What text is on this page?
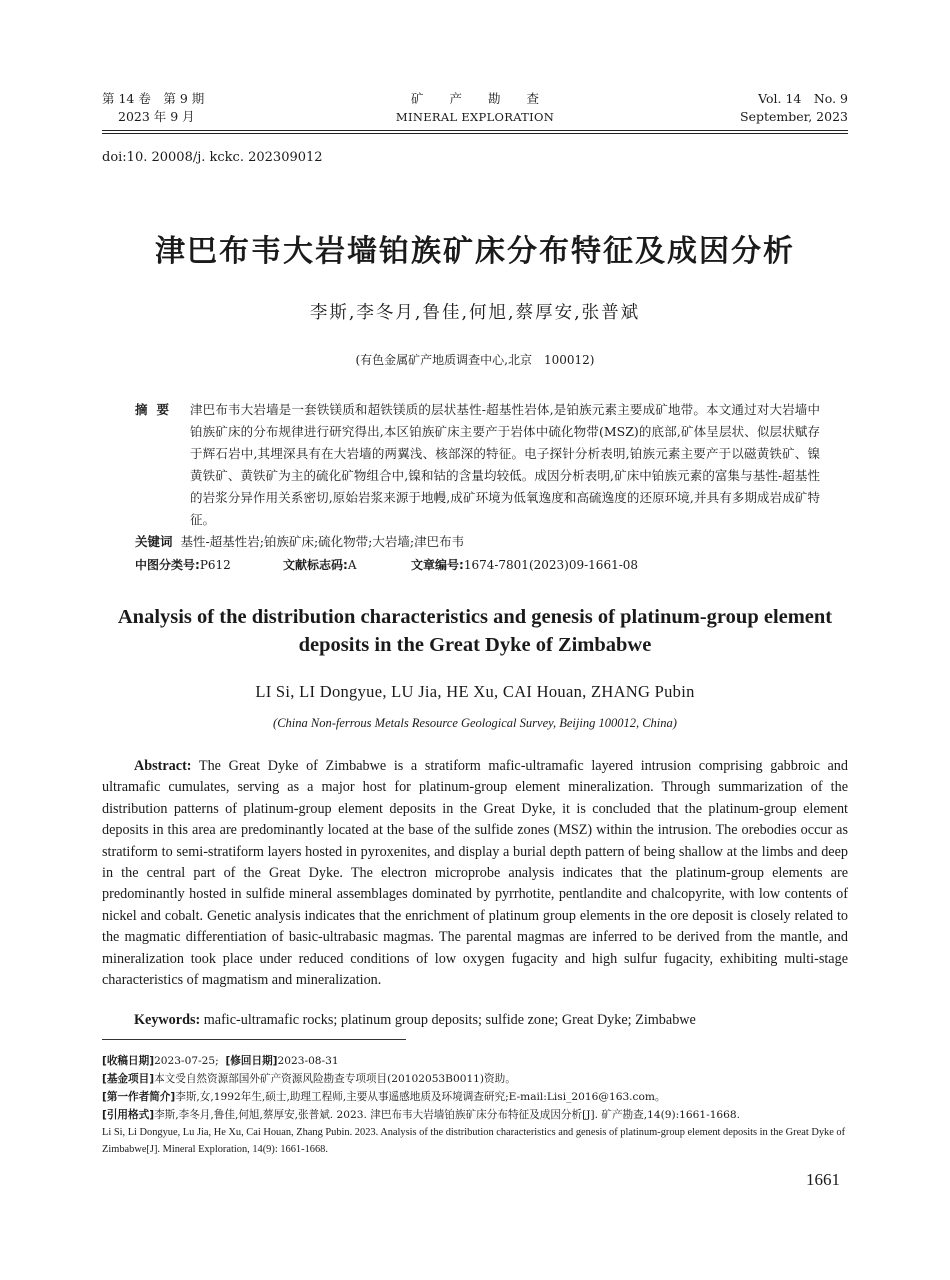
第 14 卷　第 9 期
2023 年 9 月
矿产勘查
MINERAL EXPLORATION
Vol. 14　No. 9
September, 2023
doi:10. 20008/j. kckc. 202309012
津巴布韦大岩墙铂族矿床分布特征及成因分析
李斯,李冬月,鲁佳,何旭,蔡厚安,张普斌
(有色金属矿产地质调查中心,北京　100012)
摘要 津巴布韦大岩墙是一套铁镁质和超铁镁质的层状基性-超基性岩体,是铂族元素主要成矿地带。本文通过对大岩墙中铂族矿床的分布规律进行研究得出,本区铂族矿床主要产于岩体中硫化物带(MSZ)的底部,矿体呈层状、似层状赋存于辉石岩中,其埋深具有在大岩墙的两翼浅、核部深的特征。电子探针分析表明,铂族元素主要产于以磁黄铁矿、镍黄铁矿、黄铁矿为主的硫化矿物组合中,镍和钴的含量均较低。成因分析表明,矿床中铂族元素的富集与基性-超基性的岩浆分异作用关系密切,原始岩浆来源于地幔,成矿环境为低氧逸度和高硫逸度的还原环境,并具有多期成岩成矿特征。
关键词 基性-超基性岩;铂族矿床;硫化物带;大岩墙;津巴布韦
中图分类号:P612	文献标志码:A	文章编号:1674-7801(2023)09-1661-08
Analysis of the distribution characteristics and genesis of platinum-group element deposits in the Great Dyke of Zimbabwe
LI Si, LI Dongyue, LU Jia, HE Xu, CAI Houan, ZHANG Pubin
(China Non-ferrous Metals Resource Geological Survey, Beijing 100012, China)
Abstract: The Great Dyke of Zimbabwe is a stratiform mafic-ultramafic layered intrusion comprising gabbroic and ultramafic cumulates, serving as a major host for platinum-group element mineralization. Through summarization of the distribution patterns of platinum-group element deposits in the Great Dyke, it is concluded that the platinum-group element deposits in this area are predominantly located at the base of the sulfide zones (MSZ) within the intrusion. The orebodies occur as stratiform to semi-stratiform layers hosted in pyroxenites, and display a burial depth pattern of being shallow at the limbs and deep in the central part of the Great Dyke. The electron microprobe analysis indicates that the platinum-group elements are predominantly hosted in sulfide mineral assemblages dominated by pyrrhotite, pentlandite and chalcopyrite, with low contents of nickel and cobalt. Genetic analysis indicates that the enrichment of platinum group elements in the ore deposit is closely related to the magmatic differentiation of basic-ultrabasic magmas. The parental magmas are inferred to be derived from the mantle, and mineralization took place under reduced conditions of low oxygen fugacity and high sulfur fugacity, exhibiting multi-stage characteristics of magmatism and mineralization.
Keywords: mafic-ultramafic rocks; platinum group deposits; sulfide zone; Great Dyke; Zimbabwe
[收稿日期]2023-07-25; [修回日期]2023-08-31
[基金项目]本文受自然资源部国外矿产资源风险勘查专项项目(20102053B0011)资助。
[第一作者简介]李斯,女,1992年生,硕士,助理工程师,主要从事遥感地质及环境调查研究;E-mail:Lisi_2016@163.com。
[引用格式]李斯,李冬月,鲁佳,何旭,蔡厚安,张普斌. 2023. 津巴布韦大岩墙铂族矿床分布特征及成因分析[J]. 矿产勘查,14(9):1661-1668.
Li Si, Li Dongyue, Lu Jia, He Xu, Cai Houan, Zhang Pubin. 2023. Analysis of the distribution characteristics and genesis of platinum-group element deposits in the Great Dyke of Zimbabwe[J]. Mineral Exploration, 14(9): 1661-1668.
1661
